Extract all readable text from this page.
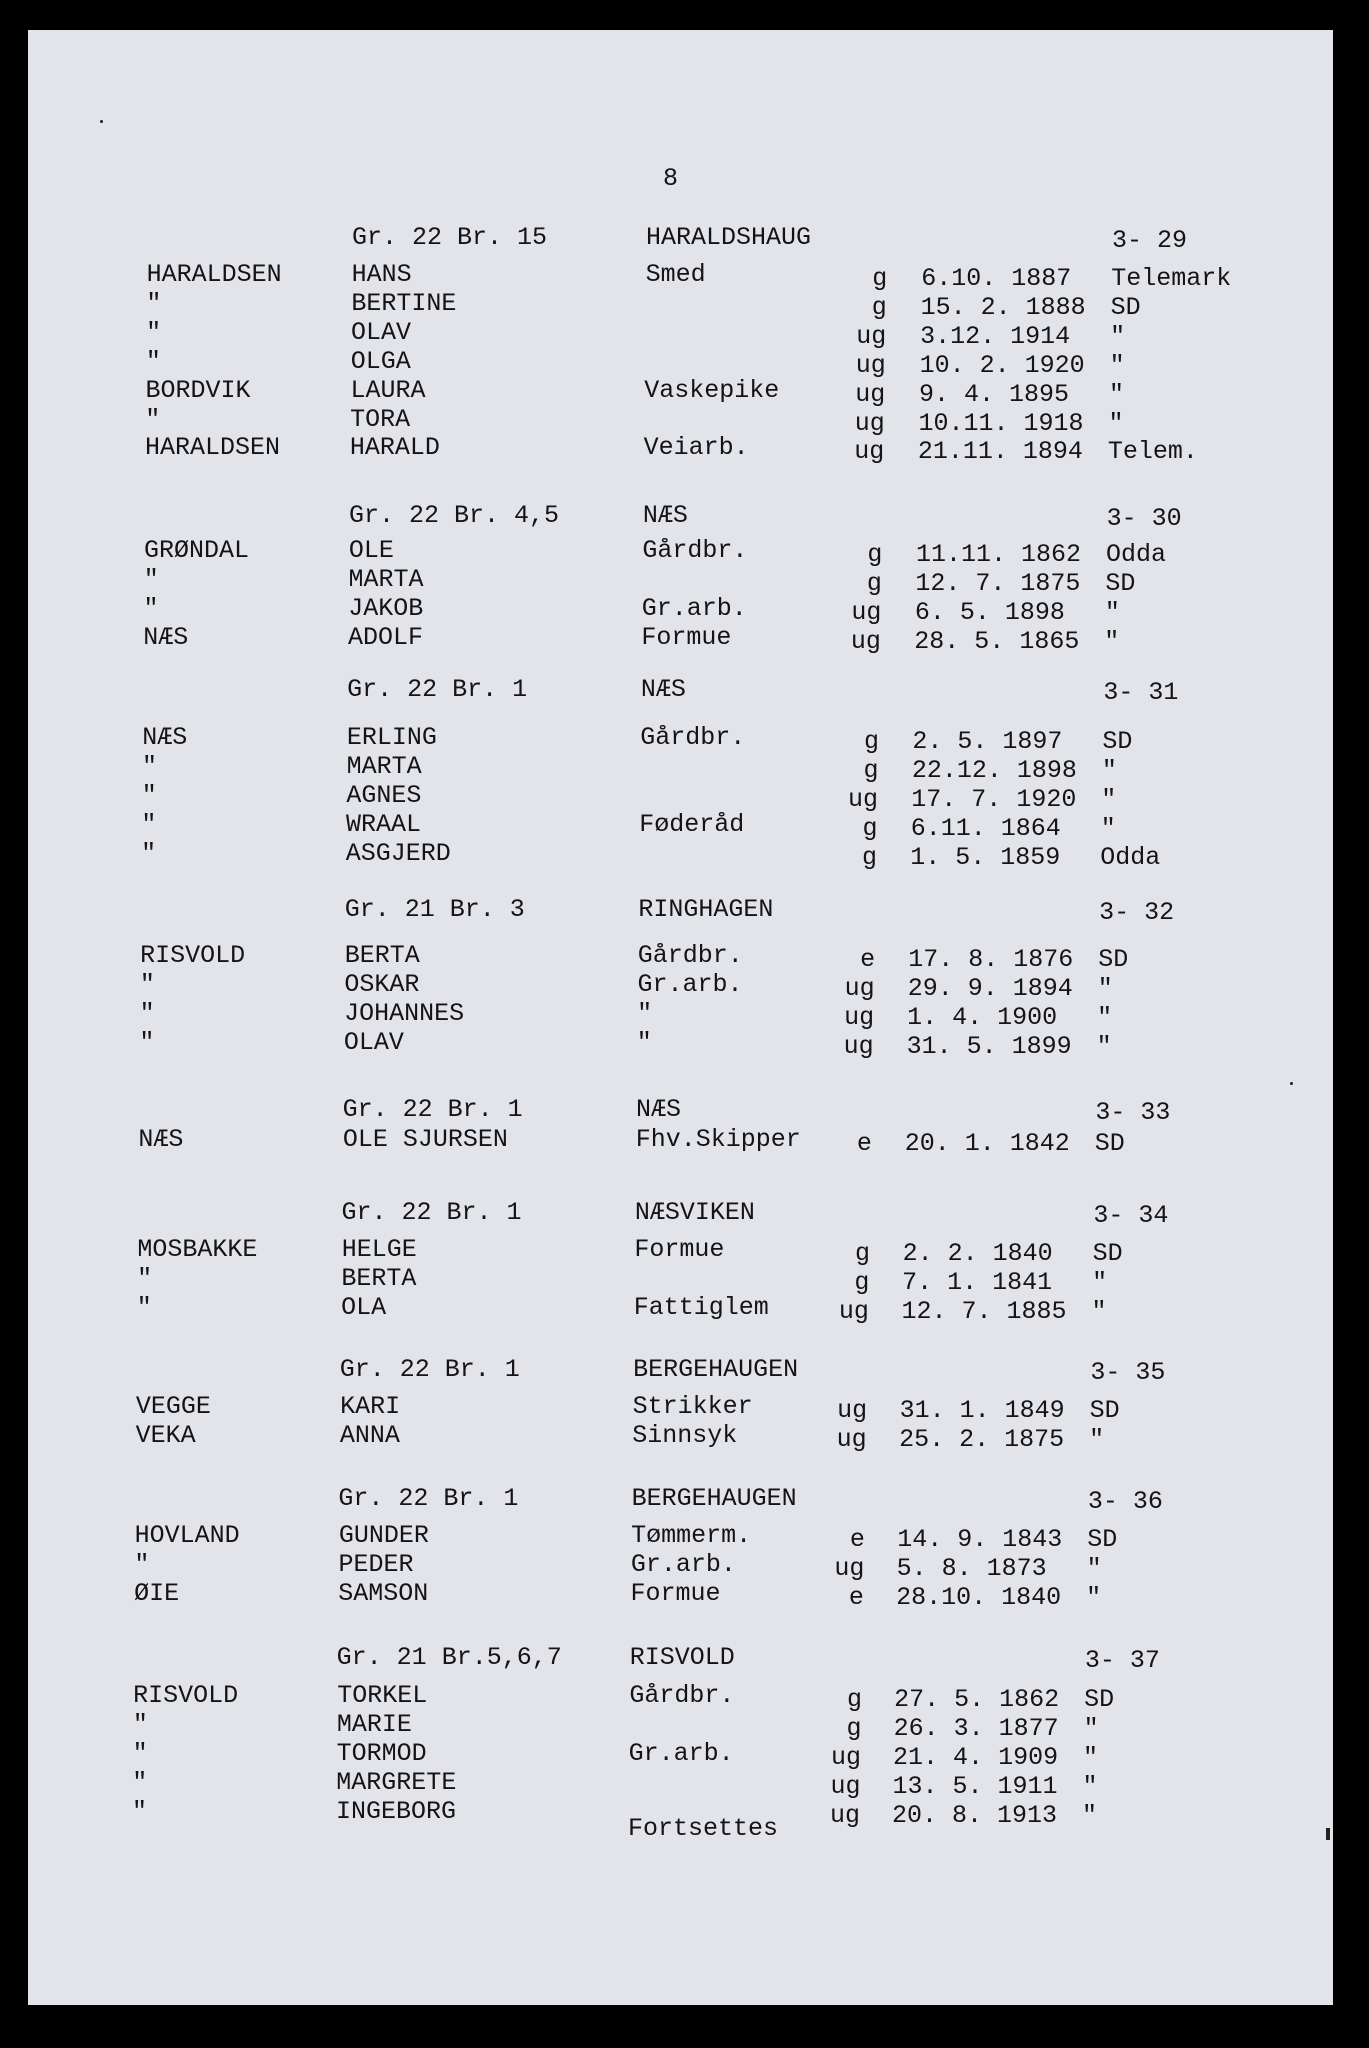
8
Gr. 22 Br. 15	HARALDSHAUG	3- 29
HARALDSEN	HANS	Smed	g 6.10. 1887 Telemark
"	BERTINE	g 15. 2. 1888 SD
"	OLAV	ug 3.12. 1914 "
"	OLGA	ug 10. 2. 1920 "
BORDVIK	LAURA	Vaskepike	ug 9. 4. 1895 "
"	TORA	ug 10.11. 1918 "
HARALDSEN	HARALD	Veiarb.	ug 21.11. 1894 Telem.
Gr. 22 Br. 4,5	NÆS	3- 30
GRØNDAL	OLE	Gårdbr.	g 11.11. 1862 Odda
"	MARTA	g 12. 7. 1875 SD
"	JAKOB	Gr.arb.	ug 6. 5. 1898 "
NÆS	ADOLF	Formue	ug 28. 5. 1865 "
Gr. 22 Br. 1	NÆS	3- 31
NÆS	ERLING	Gårdbr.	g 2. 5. 1897 SD
"	MARTA	g 22.12. 1898 "
"	AGNES	ug 17. 7. 1920 "
"	WRAAL	Føderåd	g 6.11. 1864 "
"	ASGJERD	g 1. 5. 1859 Odda
Gr. 21 Br. 3	RINGHAGEN	3- 32
RISVOLD	BERTA	Gårdbr.	e 17. 8. 1876 SD
"	OSKAR	Gr.arb.	ug 29. 9. 1894 "
"	JOHANNES	"	ug 1. 4. 1900 "
"	OLAV	"	ug 31. 5. 1899 "
Gr. 22 Br. 1	NÆS	3- 33
NÆS	OLE SJURSEN	Fhv.Skipper e 20. 1. 1842 SD
Gr. 22 Br. 1	NÆSVIKEN	3- 34
MOSBAKKE	HELGE	Formue	g 2. 2. 1840 SD
"	BERTA	g 7. 1. 1841 "
"	OLA	Fattiglem	ug 12. 7. 1885 "
Gr. 22 Br. 1	BERGEHAUGEN	3- 35
VEGGE	KARI	Strikker	ug 31. 1. 1849 SD
VEKA	ANNA	Sinnsyk	ug 25. 2. 1875 "
Gr. 22 Br. 1	BERGEHAUGEN	3- 36
HOVLAND	GUNDER	Tømmerm.	e 14. 9. 1843 SD
"	PEDER	Gr.arb.	ug 5. 8. 1873 "
ØIE	SAMSON	Formue	e 28.10. 1840 "
Gr. 21 Br.5,6,7	RISVOLD	3- 37
RISVOLD	TORKEL	Gårdbr.	g 27. 5. 1862 SD
"	MARIE	g 26. 3. 1877 "
"	TORMOD	Gr.arb.	ug 21. 4. 1909 "
"	MARGRETE	ug 13. 5. 1911 "
"	INGEBORG	ug 20. 8. 1913 "
Fortsettes
